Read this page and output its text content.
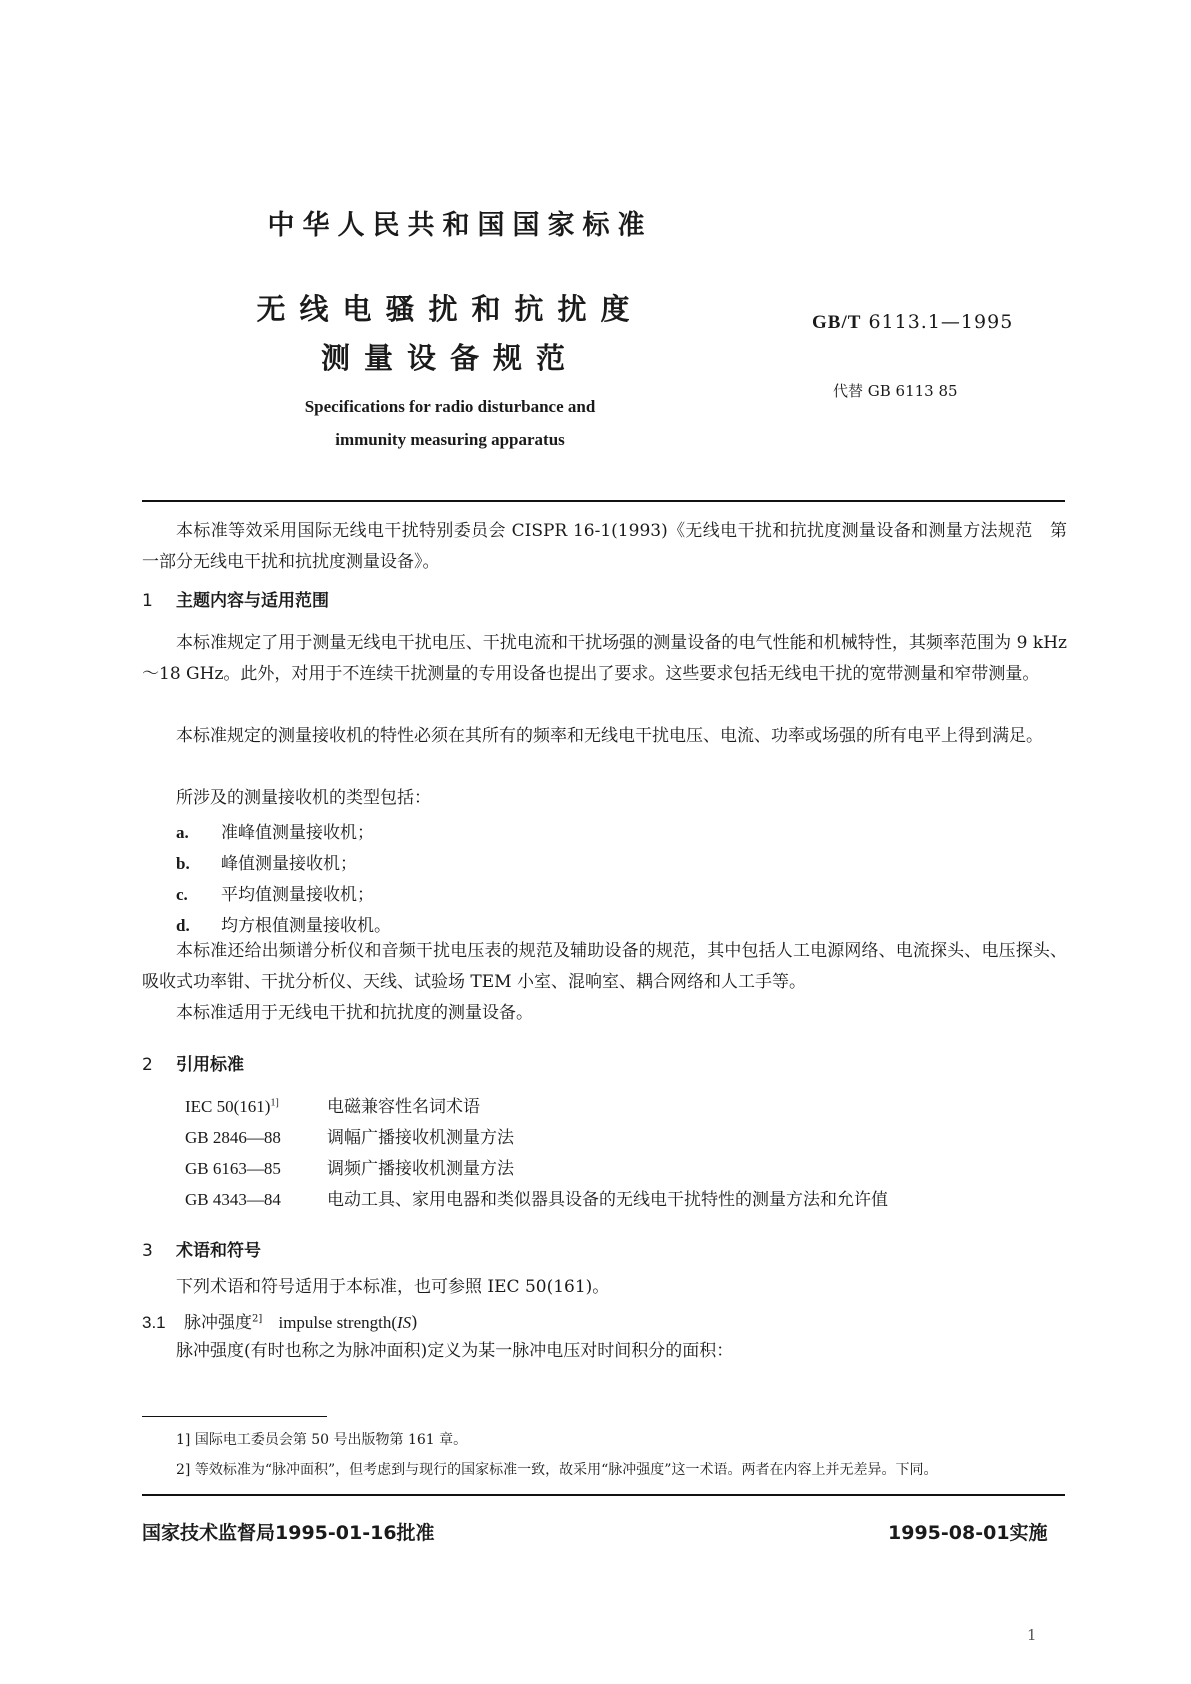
中华人民共和国国家标准
无线电骚扰和抗扰度
测量设备规范
Specifications for radio disturbance and
immunity measuring apparatus
GB/T 6113.1—1995
代替 GB 6113 85
本标准等效采用国际无线电干扰特别委员会 CISPR 16-1(1993)《无线电干扰和抗扰度测量设备和测量方法规范　第一部分无线电干扰和抗扰度测量设备》。
1 主题内容与适用范围
本标准规定了用于测量无线电干扰电压、干扰电流和干扰场强的测量设备的电气性能和机械特性，其频率范围为 9 kHz～18 GHz。此外，对用于不连续干扰测量的专用设备也提出了要求。这些要求包括无线电干扰的宽带测量和窄带测量。
本标准规定的测量接收机的特性必须在其所有的频率和无线电干扰电压、电流、功率或场强的所有电平上得到满足。
所涉及的测量接收机的类型包括：
a. 准峰值测量接收机；
b. 峰值测量接收机；
c. 平均值测量接收机；
d. 均方根值测量接收机。
本标准还给出频谱分析仪和音频干扰电压表的规范及辅助设备的规范，其中包括人工电源网络、电流探头、电压探头、吸收式功率钳、干扰分析仪、天线、试验场 TEM 小室、混响室、耦合网络和人工手等。
本标准适用于无线电干扰和抗扰度的测量设备。
2 引用标准
IEC $50(161)^{1]}$	电磁兼容性名词术语
GB 2846—88	调幅广播接收机测量方法
GB 6163—85	调频广播接收机测量方法
GB 4343—84	电动工具、家用电器和类似器具设备的无线电干扰特性的测量方法和允许值
3 术语和符号
下列术语和符号适用于本标准，也可参照 IEC 50(161)。
3.1 脉冲强度$^{2]}$ impulse strength(IS)
脉冲强度(有时也称之为脉冲面积)定义为某一脉冲电压对时间积分的面积：
1] 国际电工委员会第 50 号出版物第 161 章。
2] 等效标准为“脉冲面积”，但考虑到与现行的国家标准一致，故采用“脉冲强度”这一术语。两者在内容上并无差异。下同。
国家技术监督局1995-01-16批准	1995-08-01实施
1
